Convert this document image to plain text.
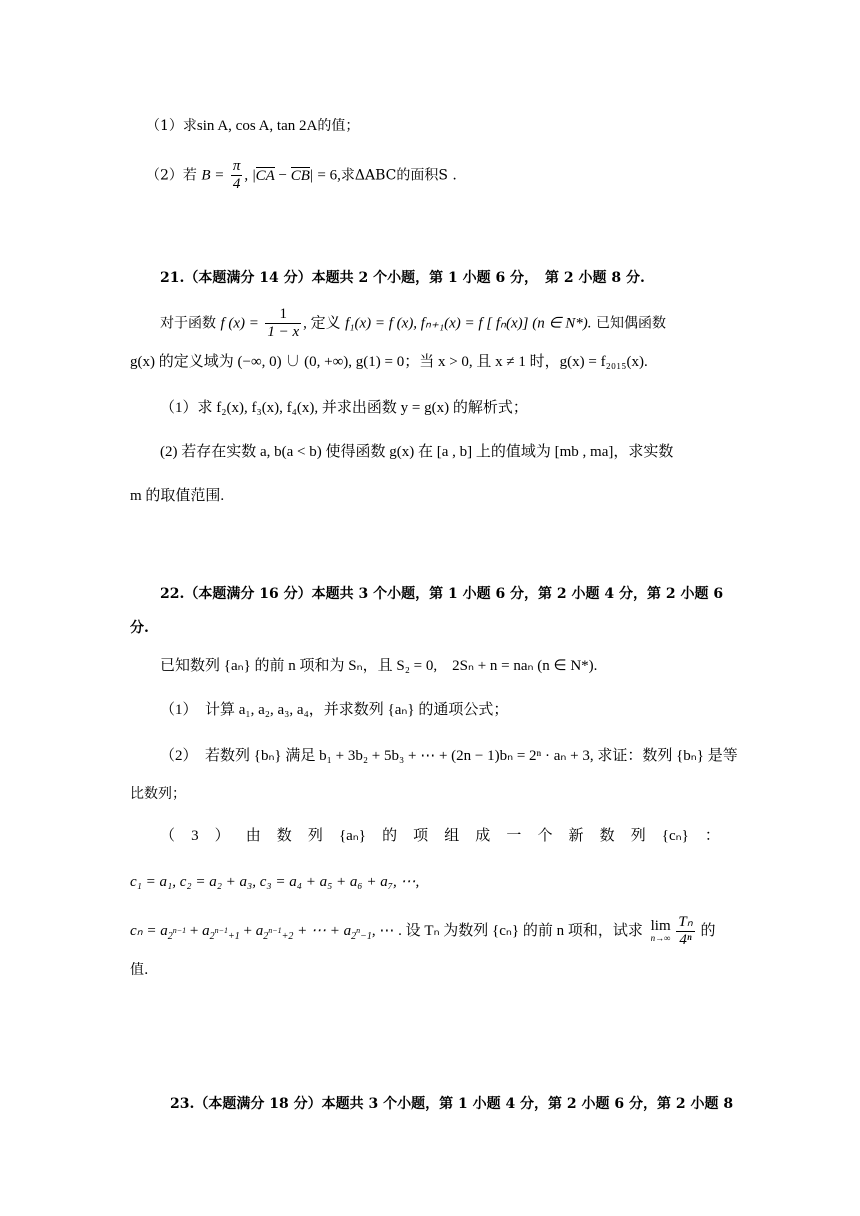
（1）求sin A, cos A, tan 2A的值；
（2）若 $B = \frac{\pi}{4}$ , |CA − CB| = 6,求ΔABC的面积S .
21.（本题满分 14 分）本题共 2 个小题，第 1 小题 6 分，　第 2 小题 8 分.
对于函数 f $(x) = \frac{1}{1 - x}$ , 定义 f₁(x) = f (x), fₙ₊₁(x) = f [ fₙ(x)] (n ∈ N*). 已知偶函数
g(x) 的定义域为 (−∞, 0) ∪ (0, +∞), g(1) = 0；当 x > 0, 且 x ≠ 1 时，g(x) = f₂₀₁₅(x).
（1）求 f₂(x), f₃(x), f₄(x), 并求出函数 y = g(x) 的解析式；
(2) 若存在实数 a, b(a < b) 使得函数 g(x) 在 [a , b] 上的值域为 [mb , ma]，求实数
m 的取值范围.
22.（本题满分 16 分）本题共 3 个小题，第 1 小题 6 分，第 2 小题 4 分，第 2 小题 6
分.
已知数列 {aₙ} 的前 n 项和为 Sₙ，且 S₂ = 0,　2Sₙ + n = naₙ (n ∈ N*).
（1）　计算 a₁, a₂, a₃, a₄，并求数列 {aₙ} 的通项公式；
（2）　若数列 {bₙ} 满足 b₁ + 3b₂ + 5b₃ + ⋯ + (2n − 1)bₙ = 2ⁿ · aₙ + 3, 求证：数列 {bₙ} 是等
比数列；
（ 3 ） 由 数 列 {aₙ} 的 项 组 成 一 个 新 数 列 {cₙ} ：
c₁ = a₁, c₂ = a₂ + a₃, c₃ = a₄ + a₅ + a₆ + a₇, ⋯,
$c_n = a_{2^{n-1}} + a_{2^{n-1}+1} + a_{2^{n-1}+2}$ + ⋯ + $a_{2^n-1}$, ⋯ . 设 Tₙ 为数列 {cₙ} 的前 n 项和，试求 lim
n→∞
$\frac{\text{Tₙ}}{\text{4ⁿ}}$ 的
值.
23.（本题满分 18 分）本题共 3 个小题，第 1 小题 4 分，第 2 小题 6 分，第 2 小题 8
